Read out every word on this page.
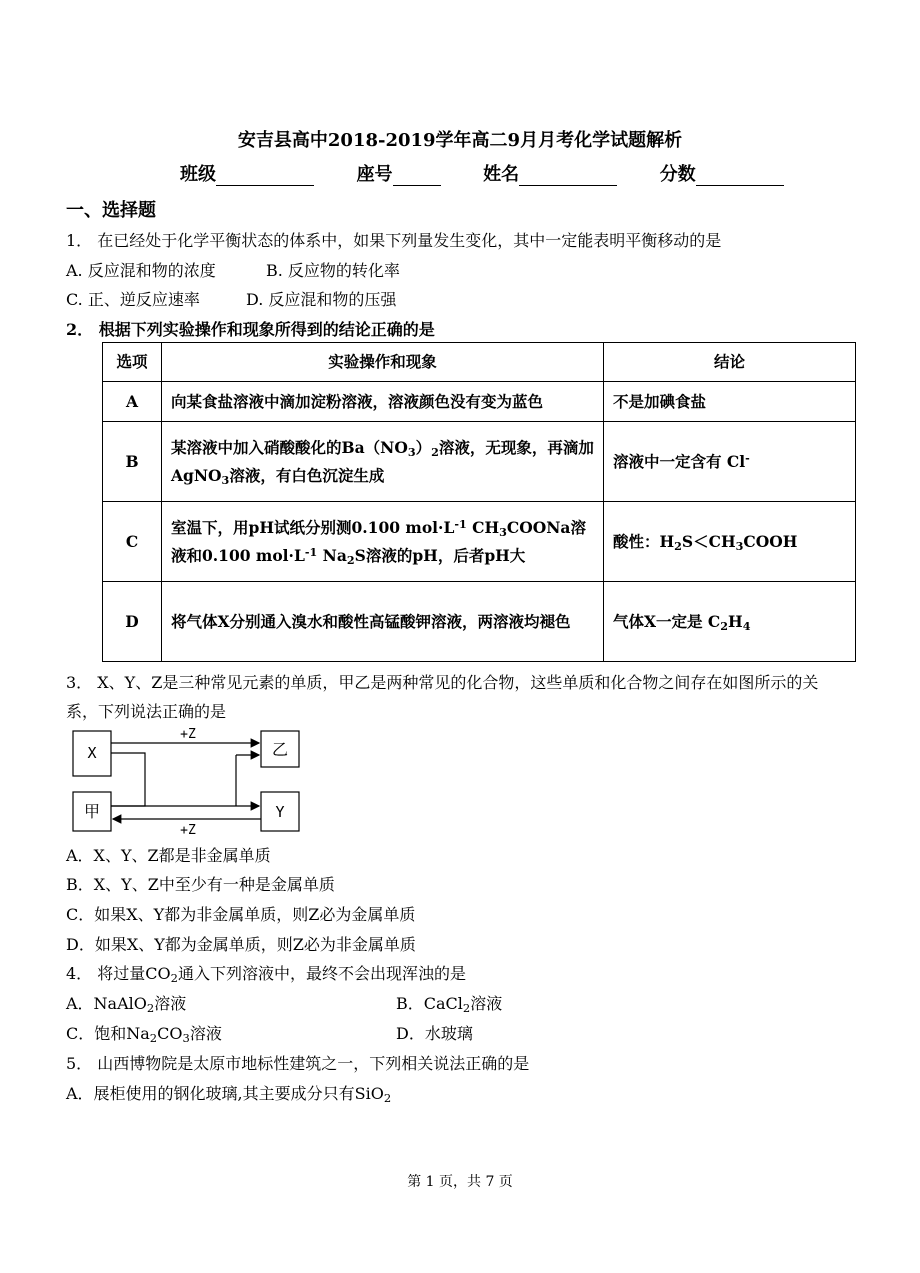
安吉县高中2018-2019学年高二9月月考化学试题解析
班级	座号	姓名	分数
一、选择题
1． 在已经处于化学平衡状态的体系中，如果下列量发生变化，其中一定能表明平衡移动的是
A. 反应混和物的浓度	B. 反应物的转化率
C. 正、逆反应速率	D. 反应混和物的压强
2． 根据下列实验操作和现象所得到的结论正确的是
选项	实验操作和现象	结论
A	向某食盐溶液中滴加淀粉溶液，溶液颜色没有变为蓝色	不是加碘食盐
B	某溶液中加入硝酸酸化的$Ba(NO_3)_2$溶液，无现象，再滴加 AgNO$_3$溶液，有白色沉淀生成	溶液中一定含有 Cl-
C	室温下，用pH试纸分别测0.100 $mol\cdot L^{-1}$ $CH_3COONa$溶液和0.100 $mol\cdot L^{-1}$ $Na_2S$溶液的pH，后者pH大	酸性：$H_2S<CH_3COOH$
D	将气体X分别通入溴水和酸性高锰酸钾溶液，两溶液均褪色	气体X一定是 $C_2H_4$
3． X、Y、Z是三种常见元素的单质，甲乙是两种常见的化合物，这些单质和化合物之间存在如图所示的关
系，下列说法正确的是
X	乙
甲	Y
+Z
+Z
A．X、Y、Z都是非金属单质
B．X、Y、Z中至少有一种是金属单质
C．如果X、Y都为非金属单质，则Z必为金属单质
D．如果X、Y都为金属单质，则Z必为非金属单质
4． 将过量$CO_2$通入下列溶液中，最终不会出现浑浊的是
A．NaAlO$_2$溶液	B．CaCl$_2$溶液
C．饱和$Na_2CO_3$溶液	D．水玻璃
5． 山西博物院是太原市地标性建筑之一，下列相关说法正确的是
A．展柜使用的钢化玻璃,其主要成分只有SiO$_2$
第 1 页，共 7 页
